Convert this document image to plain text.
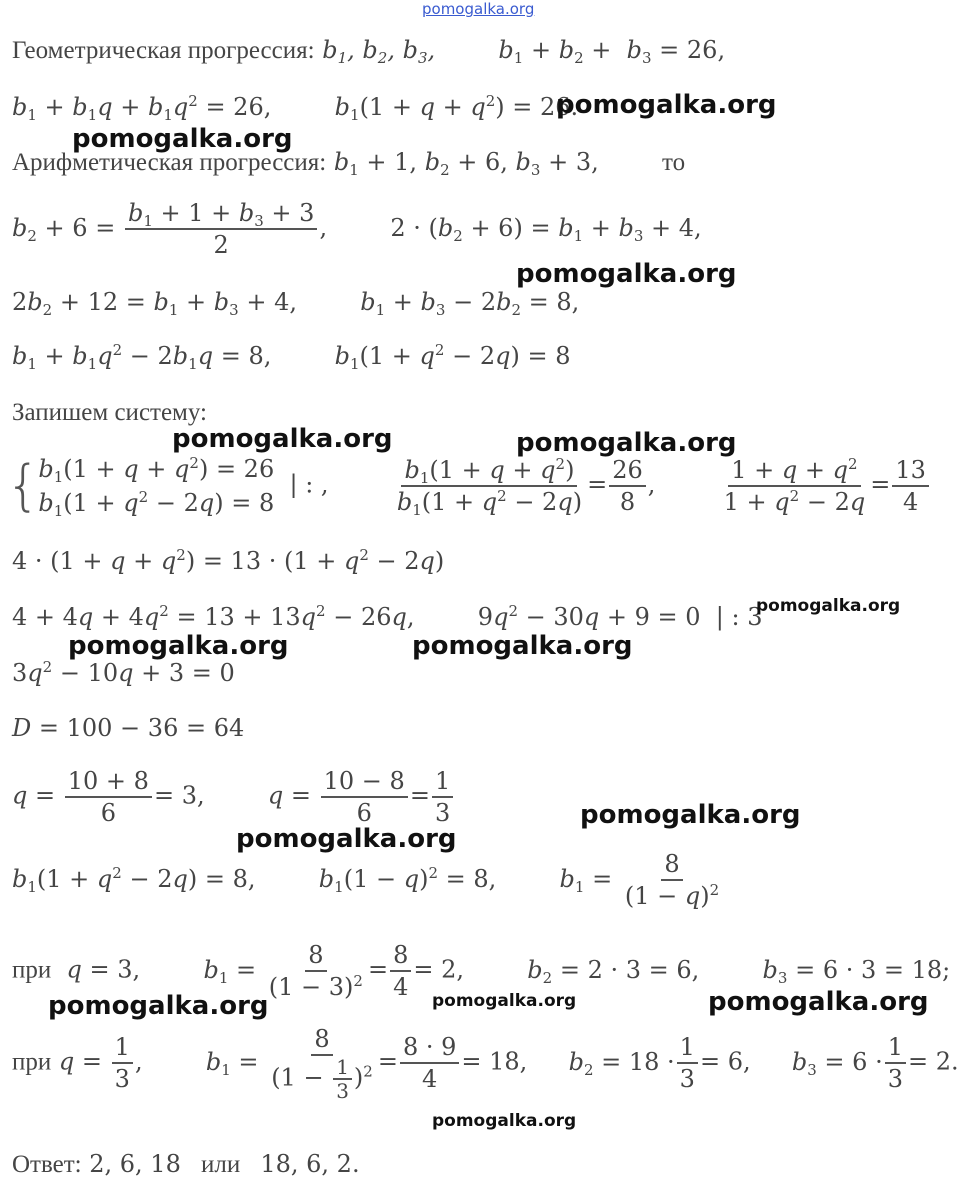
pomogalka.org
Геометрическая прогрессия: $b_1$, $b_2$, $b_3$,	$b_1 + b_2 + b_3 = 26$,
$b_1 + b_1q + b_1q^2 = 26$,	$b_1(1 + q + q^2) = 26$.
Арифметическая прогрессия: $b_1 + 1$, $b_2 + 6$, $b_3 + 3$,	то
$b_2 + 6 = \frac{b_1 + 1 + b_3 + 3}{2}$ ,	$2 \cdot (b_2 + 6) = b_1 + b_3 + 4$,
$2b_2 + 12 = b_1 + b_3 + 4$,	$b_1 + b_3 - 2b_2 = 8$,
$b_1 + b_1q^2 - 2b_1q = 8$,	$b_1(1 + q^2 - 2q) = 8$
Запишем систему:
{
$b_1(1 + q + q^2) = 26$
$b_1(1 + q^2 - 2q) = 8$
| : ,	$\frac{b_1(1 + q + q^2)}{b_1(1 + q^2 - 2q)} = \frac{26}{8}$ ,	$\frac{1 + q + q^2}{1 + q^2 - 2q} = \frac{13}{4}$
$4 \cdot (1 + q + q^2) = 13 \cdot (1 + q^2 - 2q)$
$4 + 4q + 4q^2 = 13 + 13q^2 - 26q$,	$9q^2 - 30q + 9 = 0$  | : 3
$3q^2 - 10q + 3 = 0$
D = 100 − 36 = 64
$q = \frac{10 + 8}{6} = 3$,	$q = \frac{10 - 8}{6} = \frac{1}{3}$
$b_1(1 + q^2 - 2q) = 8$,	$b_1(1 - q)^2 = 8$,	$b_1 = \frac{8}{(1 - q)^2}$
при q = 3,	$b_1 = \frac{8}{(1 - 3)^2} = \frac{8}{4} = 2$,	$b_2 = 2 \cdot 3 = 6$,	$b_3 = 6 \cdot 3 = 18$;
при $q = \frac{1}{3}$ ,	$b_1 = \frac{8}{(1 - \frac{1}{3} )^2} = \frac{8 \cdot 9}{4} = 18$, $b_2 = 18 \cdot \frac{1}{3} = 6$, $b_3 = 6 \cdot \frac{1}{3} = 2$.
Ответ: 2, 6, 18 или 18, 6, 2.
pomogalka.org
pomogalka.org
pomogalka.org
pomogalka.org	pomogalka.org
pomogalka.org
pomogalka.org	pomogalka.org
pomogalka.org
pomogalka.org
pomogalka.org	pomogalka.org	pomogalka.org
pomogalka.org
